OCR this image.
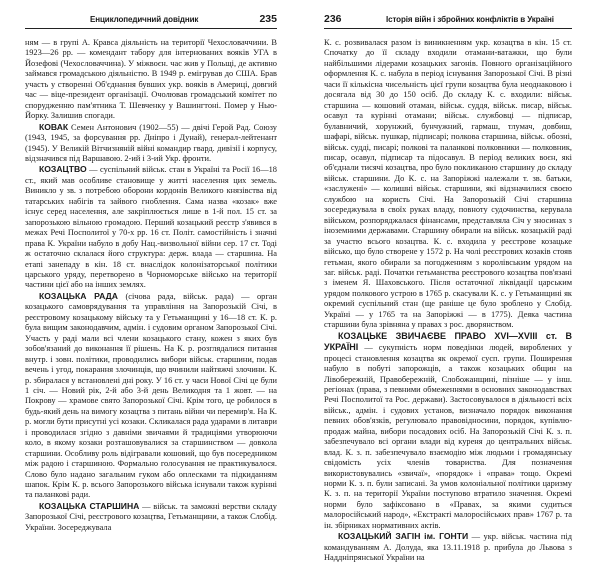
Енциклопедичний довідник	235

ням — в групі А. Кравса діяльність на території Чехословаччини. В 1923—26 рр. — комендант табору для інтернованих вояків УГА в Йозефові (Чехословаччина). У міжвоєн. час жив у Польщі, де активно займався громадською діяльністю. В 1949 р. емігрував до США. Брав участь у створенні Об'єднання бувших укр. вояків в Америці, довгий час — віце-президент організації. Очолював громадський комітет по спорудженню пам'ятника Т. Шевченку у Вашингтоні. Помер у Нью-Йорку. Залишив спогади.

КОВАК Семен Антонович (1902—55) — двічі Герой Рад. Союзу (1943, 1945, за форсування рр. Дніпро і Дунай), генерал-лейтенант (1945). У Великій Вітчизняній війні командир гвард. дивізії і корпусу, відзначився під Варшавою. 2-ий і 3-ий Укр. фронти.

КОЗАЦТВО — суспільний військ. стан в Україні та Росії 16—18 ст., який мав особливе становище у житті населення цих земель. Виникло у зв. з потребою оборони кордонів Великого князівства від татарських набігів та зайвого гноблення. Сама назва «козак» вже існує серед населення, але закріплюється лише в 1-й пол. 15 ст. за запорозькою вільною громадою. Перший козацький реєстр з'явився в межах Речі Посполитої у 70-х рр. 16 ст. Політ. самостійність і значні права К. України набуло в добу Нац.-визвольної війни сер. 17 ст. Тоді ж остаточно склалася його структура: держ. влада — старшина. На етапі занепаду в кін. 18 ст. внаслідок колонізаторської політики царського уряду, перетворено в Чорноморське військо на території частини цієї або на інших землях.

КОЗАЦЬКА РАДА (січова рада, військ. рада) — орган козацького самоврядування та управління на Запорозькій Січі, в реєстровому козацькому війську та у Гетьманщині у 16—18 ст. К. р. була вищим законодавчим, адмін. і судовим органом Запорозької Січі. Участь у раді мали всі члени козацького стану, кожен з яких був зобов'язаний до виконання її рішень. На К. р. розглядалися питання внутр. і зовн. політики, проводились вибори військ. старшини, подав вечень і угод, покарання злочинців, що вчинили найтяжчі злочини. К. р. збиралася у встановлені дні року. У 16 ст. у часи Нової Січі це були 1 січ. — Новий рік, 2-й або 3-й день Великодня та 1 жовт. — на Покрову — храмове свято Запорозької Січі. Крім того, це робилося в будь-який день на вимогу козацтва з питань війни чи перемир'я. На К. р. могли бути присутні усі козаки. Скликалася рада ударами в литаври і проводилася згідно з давніми звичаями й традиціями утворюючи коло, в якому козаки розташовувалися за старшинством — довкола старшини. Особливу роль відігравали кошовий, що був посередником між радою і старшиною. Формально голосування не практикувалося. Слово було надано загальним гуком або оплесками та підкиданням шапок. Крім К. р. всього Запорозького війська існували також курінні та паланкові ради.

КОЗАЦЬКА СТАРШИНА — військ. та заможні верстви складу Запорозької Січі, реєстрового козацтва, Гетьманщини, а також Слобід. України. Зосереджувала

236	Історія війн і збройних конфліктів в Україні

К. с. розвивалася разом із виникненням укр. козацтва в кін. 15 ст. Спочатку до її складу входили отамани-ватажки, що були найбільшими лідерами козацьких загонів. Повного організаційного оформлення К. с. набула в період існування Запорозької Січі. В різні часи її кількісна чисельність цієї групи козацтва була неоднаковою і досягала від 30 до 150 осіб. До складу К. с. входили: військ. старшина — кошовий отаман, військ. суддя, військ. писар, військ. осавул та курінні отамани; військ. службовці — підписар, булавничий, хорунжий, бунчужний, гармаш, тлумач, довбиш, шафарі, військ. пушкар, підписарі; полкова старшина, військ. обозні, військ. судді, писарі; полкові та паланкові полковники — полковник, писар, осавул, підписар та підосавул. В період великих воєн, які об'єднали тисячі козацтва, про було покликаною старшину до складу військ. старшини. До К. с. на Запоріжжі належали т. зв. батьки, «заслужені» — колишні військ. старшини, які відзначилися своєю службою на користь Січі. На Запорозькій Січі старшина зосереджувала в своїх руках владу, повноту судочинства, керувала військом, розпоряджалася фінансами, представляла Січ у зносинах з іноземними державами. Старшину обирали на військ. козацькій раді за участю всього козацтва. К. с. входила у реєстрове козацьке військо, що було створене у 1572 р. На чолі реєстрових козаків стояв гетьман, якого обирали за погодженням з королівським урядом на заг. військ. раді. Початки гетьманства реєстрового козацтва пов'язані з іменем Я. Шаховського. Після остаточної ліквідації царським урядом полкового устрою в 1765 р. скасували К. с. у Гетьманщині як окремий суспільний стан (ще раніше це було зроблено у Слобід. Україні — у 1765 та на Запоріжжі — в 1775). Деяка частина старшини була зрівняна у правах з рос. дворянством.

КОЗАЦЬКЕ ЗВИЧАЄВЕ ПРАВО XVI—XVIII ст. В УКРАЇНІ — сукупність норм поведінки людей, вироблених у процесі становлення козацтва як окремої сусп. групи. Поширення набуло в побуті запорожців, а також козацьких общин на Лівобережній, Правобережній, Слобожанщині, пізніше — у інш. регіонах (права, з певними обмеженнями в основних законодавствах Речі Посполитої та Рос. держави). Застосовувалося в діяльності всіх військ., адмін. і судових установ, визначало порядок виконання певних обов'язків, регулювало правовідносини, порядок, купівлю-продаж майна, вибори посадових осіб. На Запорозькій Січі К. з. п. забезпечувало всі органи влади від куреня до центральних військ. влад. К. з. п. забезпечувало взаємодію між людьми і громадянську свідомість усіх членів товариства. Для позначення використовувались «звичаї», «порядок» і «права» тощо. Окремі норми К. з. п. були записані. За умов колоніальної політики царизму К. з. п. на території України поступово втратило значення. Окремі норми було зафіксовано в «Правах, за якими судиться малоросійський народ», «Екстракті малоросійських прав» 1767 р. та ін. збірниках нормативних актів.

КОЗАЦЬКИЙ ЗАГІН ім. ГОНТИ — укр. військ. частина під командуванням А. Долуда, яка 13.11.1918 р. прибула до Львова з Наддніпрянської України на
